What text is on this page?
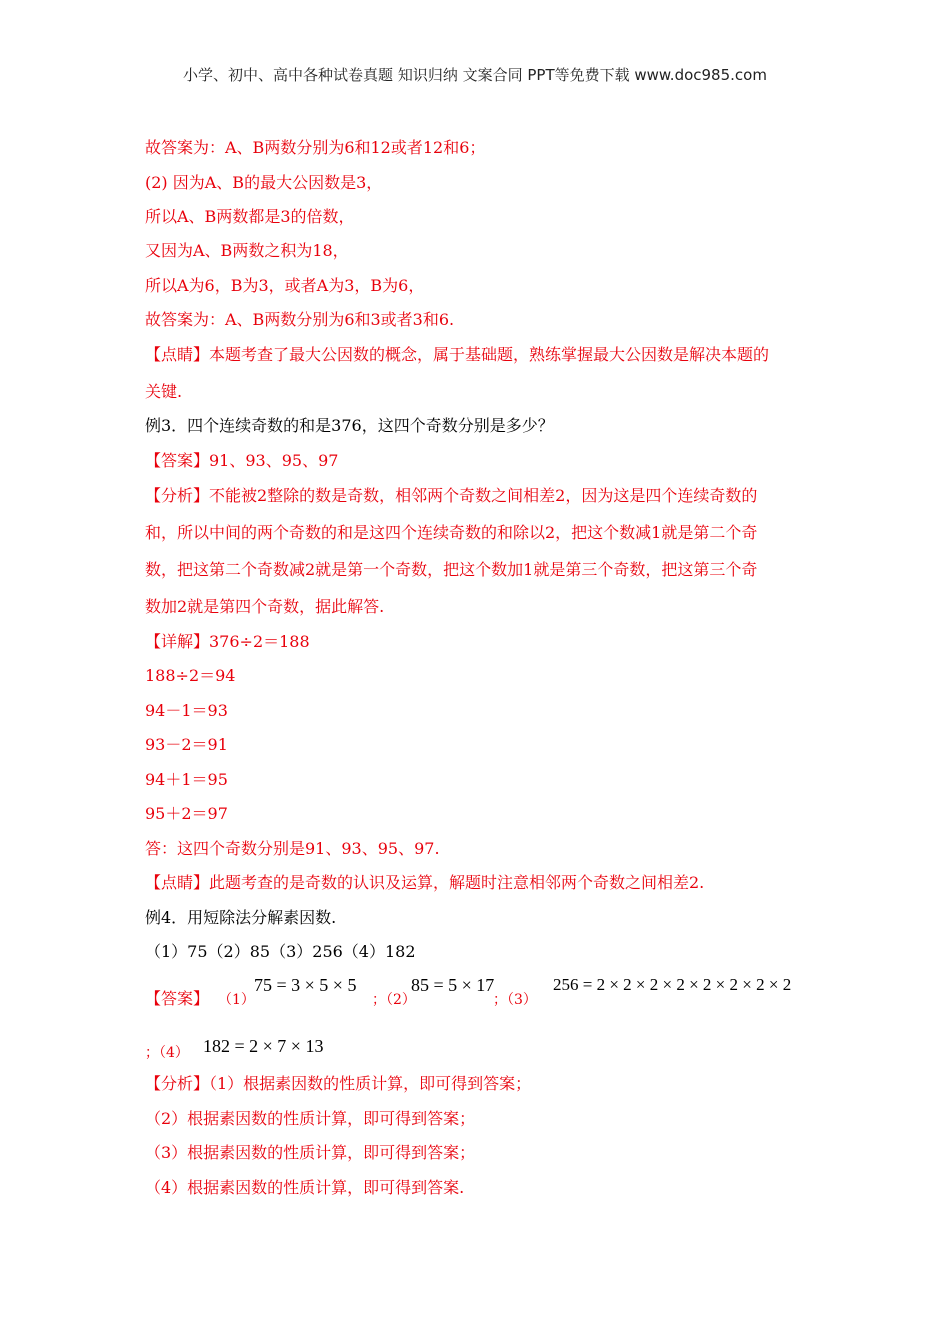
小学、初中、高中各种试卷真题 知识归纳 文案合同 PPT等免费下载 www.doc985.com
故答案为：A、B两数分别为6和12或者12和6；
(2) 因为A、B的最大公因数是3，
所以A、B两数都是3的倍数，
又因为A、B两数之积为18，
所以A为6，B为3，或者A为3，B为6，
故答案为：A、B两数分别为6和3或者3和6.
【点睛】本题考查了最大公因数的概念，属于基础题，熟练掌握最大公因数是解决本题的
关键.
例3．四个连续奇数的和是376，这四个奇数分别是多少？
【答案】91、93、95、97
【分析】不能被2整除的数是奇数，相邻两个奇数之间相差2，因为这是四个连续奇数的
和，所以中间的两个奇数的和是这四个连续奇数的和除以2，把这个数减1就是第二个奇
数，把这第二个奇数减2就是第一个奇数，把这个数加1就是第三个奇数，把这第三个奇
数加2就是第四个奇数，据此解答.
【详解】376÷2＝188
188÷2＝94
94－1＝93
93－2＝91
94＋1＝95
95＋2＝97
答：这四个奇数分别是91、93、95、97.
【点睛】此题考查的是奇数的认识及运算，解题时注意相邻两个奇数之间相差2.
例4．用短除法分解素因数.
（1）75（2）85（3）256（4）182
【答案】 （1）
75 = 3 × 5 × 5
；（2）
85 = 5 × 17
；（3）
256 = 2 × 2 × 2 × 2 × 2 × 2 × 2 × 2
；（4） 182 = 2 × 7 × 13
【分析】（1）根据素因数的性质计算，即可得到答案；
（2）根据素因数的性质计算，即可得到答案；
（3）根据素因数的性质计算，即可得到答案；
（4）根据素因数的性质计算，即可得到答案.
